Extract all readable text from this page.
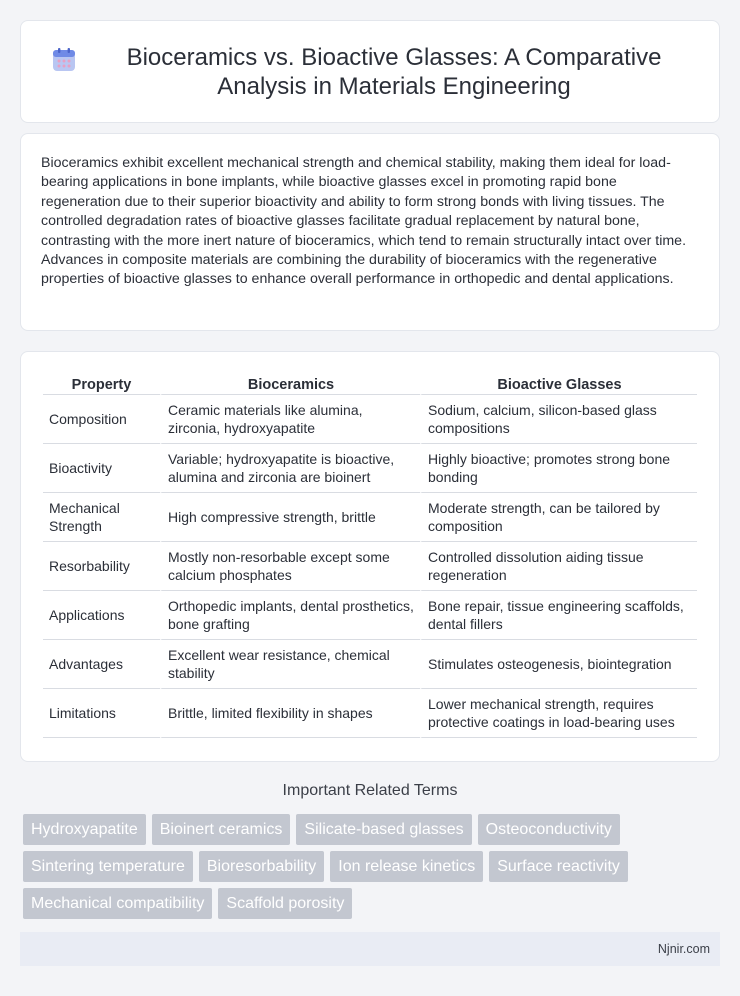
Bioceramics vs. Bioactive Glasses: A Comparative Analysis in Materials Engineering

Bioceramics exhibit excellent mechanical strength and chemical stability, making them ideal for load-bearing applications in bone implants, while bioactive glasses excel in promoting rapid bone regeneration due to their superior bioactivity and ability to form strong bonds with living tissues. The controlled degradation rates of bioactive glasses facilitate gradual replacement by natural bone, contrasting with the more inert nature of bioceramics, which tend to remain structurally intact over time. Advances in composite materials are combining the durability of bioceramics with the regenerative properties of bioactive glasses to enhance overall performance in orthopedic and dental applications.

Property	Bioceramics	Bioactive Glasses
Composition	Ceramic materials like alumina, zirconia, hydroxyapatite	Sodium, calcium, silicon-based glass compositions
Bioactivity	Variable; hydroxyapatite is bioactive, alumina and zirconia are bioinert	Highly bioactive; promotes strong bone bonding
Mechanical Strength	High compressive strength, brittle	Moderate strength, can be tailored by composition
Resorbability	Mostly non-resorbable except some calcium phosphates	Controlled dissolution aiding tissue regeneration
Applications	Orthopedic implants, dental prosthetics, bone grafting	Bone repair, tissue engineering scaffolds, dental fillers
Advantages	Excellent wear resistance, chemical stability	Stimulates osteogenesis, biointegration
Limitations	Brittle, limited flexibility in shapes	Lower mechanical strength, requires protective coatings in load-bearing uses
Important Related Terms
Hydroxyapatite	Bioinert ceramics	Silicate-based glasses	Osteoconductivity
Sintering temperature	Bioresorbability	Ion release kinetics	Surface reactivity
Mechanical compatibility	Scaffold porosity
Njnir.com
